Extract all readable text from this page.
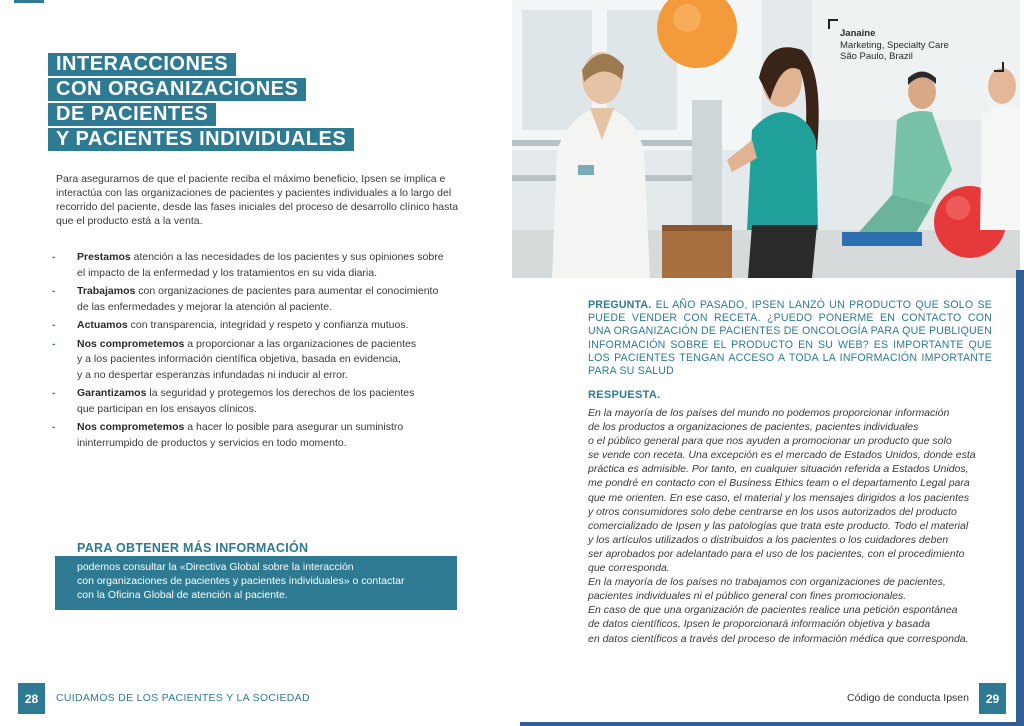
INTERACCIONES
CON ORGANIZACIONES
DE PACIENTES
Y PACIENTES INDIVIDUALES
Para asegurarnos de que el paciente reciba el máximo beneficio, Ipsen se implica e
interactúa con las organizaciones de pacientes y pacientes individuales a lo largo del
recorrido del paciente, desde las fases iniciales del proceso de desarrollo clínico hasta
que el producto está a la venta.
- Prestamos atención a las necesidades de los pacientes y sus opiniones sobre
el impacto de la enfermedad y los tratamientos en su vida diaria.
- Trabajamos con organizaciones de pacientes para aumentar el conocimiento
de las enfermedades y mejorar la atención al paciente.
- Actuamos con transparencia, integridad y respeto y confianza mutuos.
- Nos comprometemos a proporcionar a las organizaciones de pacientes
y a los pacientes información científica objetiva, basada en evidencia,
y a no despertar esperanzas infundadas ni inducir al error.
- Garantizamos la seguridad y protegemos los derechos de los pacientes
que participan en los ensayos clínicos.
- Nos comprometemos a hacer lo posible para asegurar un suministro
ininterrumpido de productos y servicios en todo momento.
PARA OBTENER MÁS INFORMACIÓN
podemos consultar la «Directiva Global sobre la interacción
con organizaciones de pacientes y pacientes individuales» o contactar
con la Oficina Global de atención al paciente.
28	CUIDAMOS DE LOS PACIENTES Y LA SOCIEDAD
Janaine
Marketing, Specialty Care
São Paulo, Brazil
PREGUNTA. EL AÑO PASADO, IPSEN LANZÓ UN PRODUCTO QUE SOLO SE PUEDE VENDER CON RECETA. ¿PUEDO PONERME EN CONTACTO CON UNA ORGANIZACIÓN DE PACIENTES DE ONCOLOGÍA PARA QUE PUBLIQUEN INFORMACIÓN SOBRE EL PRODUCTO EN SU WEB? ES IMPORTANTE QUE LOS PACIENTES TENGAN ACCESO A TODA LA INFORMACIÓN IMPORTANTE PARA SU SALUD
RESPUESTA.

En la mayoría de los países del mundo no podemos proporcionar información
de los productos a organizaciones de pacientes, pacientes individuales
o el público general para que nos ayuden a promocionar un producto que solo
se vende con receta. Una excepción es el mercado de Estados Unidos, donde esta
práctica es admisible. Por tanto, en cualquier situación referida a Estados Unidos,
me pondré en contacto con el Business Ethics team o el departamento Legal para
que me orienten. En ese caso, el material y los mensajes dirigidos a los pacientes
y otros consumidores solo debe centrarse en los usos autorizados del producto
comercializado de Ipsen y las patologías que trata este producto. Todo el material
y los artículos utilizados o distribuidos a los pacientes o los cuidadores deben
ser aprobados por adelantado para el uso de los pacientes, con el procedimiento
que corresponda.

En la mayoría de los países no trabajamos con organizaciones de pacientes,
pacientes individuales ni el público general con fines promocionales.

En caso de que una organización de pacientes realice una petición espontánea
de datos científicos, Ipsen le proporcionará información objetiva y basada
en datos científicos a través del proceso de información médica que corresponda.

Código de conducta Ipsen	29
